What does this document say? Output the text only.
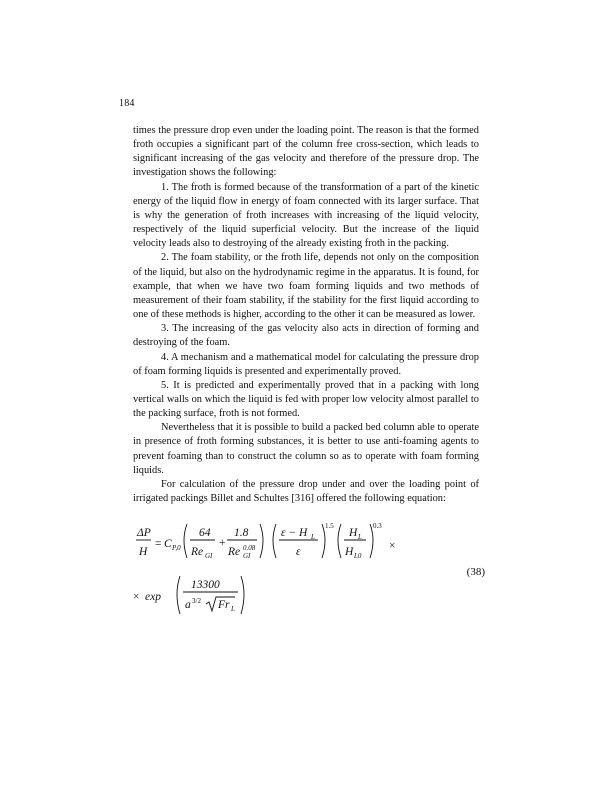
184

times the pressure drop even under the loading point. The reason is that the formed froth occupies a significant part of the column free cross-section, which leads to significant increasing of the gas velocity and therefore of the pressure drop. The investigation shows the following:

1. The froth is formed because of the transformation of a part of the kinetic energy of the liquid flow in energy of foam connected with its larger surface. That is why the generation of froth increases with increasing of the liquid velocity, respectively of the liquid superficial velocity. But the increase of the liquid velocity leads also to destroying of the already existing froth in the packing.

2. The foam stability, or the froth life, depends not only on the composition of the liquid, but also on the hydrodynamic regime in the apparatus. It is found, for example, that when we have two foam forming liquids and two methods of measurement of their foam stability, if the stability for the first liquid according to one of these methods is higher, according to the other it can be measured as lower.

3. The increasing of the gas velocity also acts in direction of forming and destroying of the foam.

4. A mechanism and a mathematical model for calculating the pressure drop of foam forming liquids is presented and experimentally proved.

5. It is predicted and experimentally proved that in a packing with long vertical walls on which the liquid is fed with proper low velocity almost parallel to the packing surface, froth is not formed.

Nevertheless that it is possible to build a packed bed column able to operate in presence of froth forming substances, it is better to use anti-foaming agents to prevent foaming than to construct the column so as to operate with foam forming liquids.

For calculation of the pressure drop under and over the loading point of irrigated packings Billet and Schultes [316] offered the following equation:

ΔP
H
= C P,0
64
Re GI
+
1.8
Re 0.08
GI
ε − H L
ε
1.5
H L
H L0
0.3
×
× exp
13300
a 3/2 Fr L
(38)
